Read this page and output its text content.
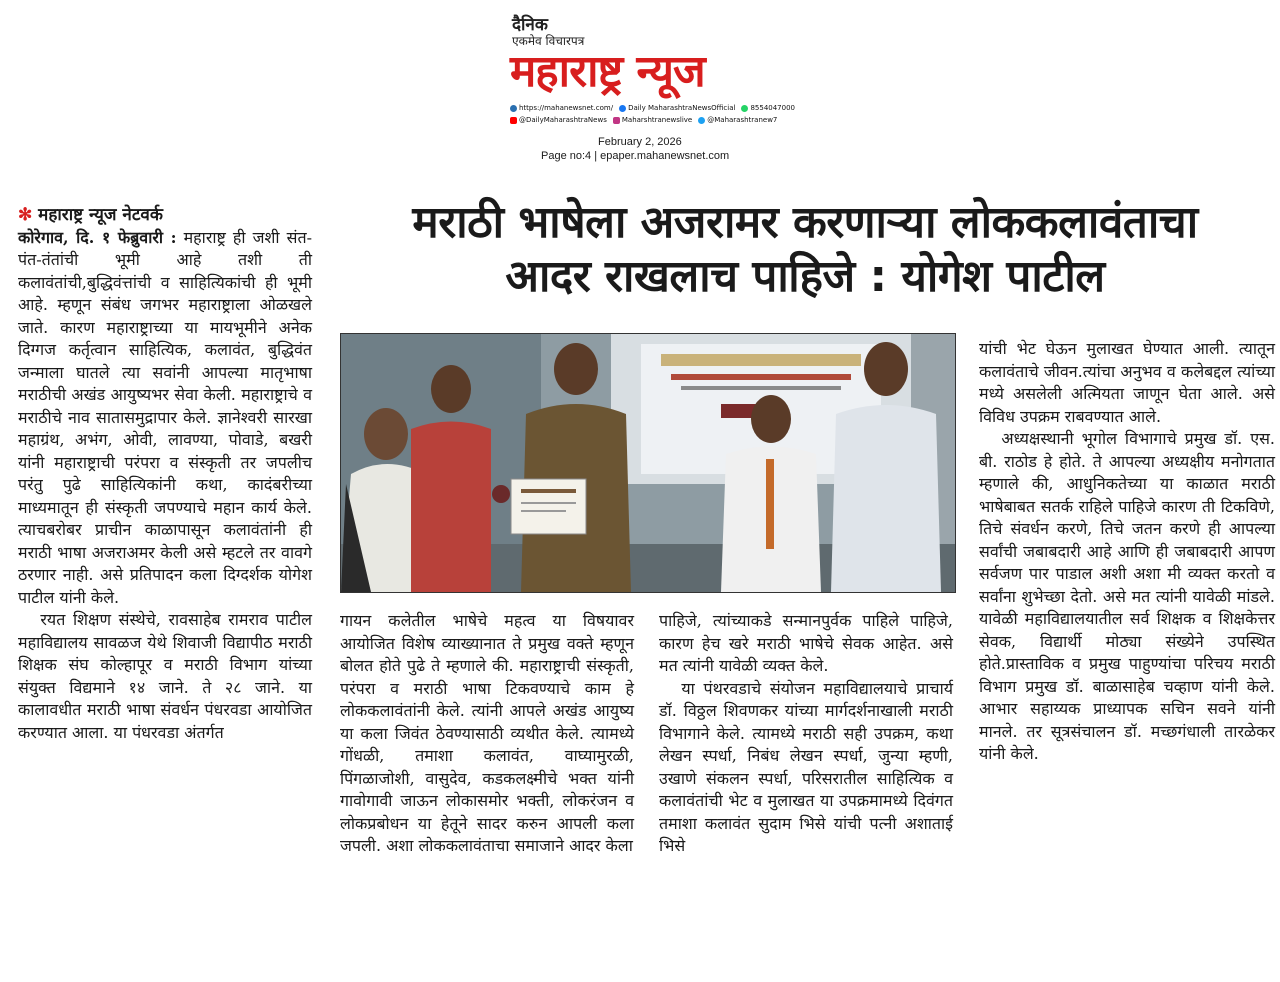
दैनिक
एकमेव विचारपत्र
महाराष्ट्र न्यूज
https://mahanewsnet.com/ Daily MaharashtraNewsOfficial 8554047000
@DailyMaharashtraNews Maharshtranewslive @Maharashtranew7
February 2, 2026
Page no:4 | epaper.mahanewsnet.com
मराठी भाषेला अजरामर करणाऱ्या लोककलावंताचा
आदर राखलाच पाहिजे : योगेश पाटील
✻ महाराष्ट्र न्यूज नेटवर्क

कोरेगाव, दि. १ फेब्रुवारी : महाराष्ट्र ही जशी संत-पंत-तंतांची भूमी आहे तशी ती कलावंतांची,बुद्धिवंत्तांची व साहित्यिकांची ही भूमी आहे. म्हणून संबंध जगभर महाराष्ट्राला ओळखले जाते. कारण महाराष्ट्राच्या या मायभूमीने अनेक दिग्गज कर्तृत्वान साहित्यिक, कलावंत, बुद्धिवंत जन्माला घातले त्या सवांनी आपल्या मातृभाषा मराठीची अखंड आयुष्यभर सेवा केली. महाराष्ट्राचे व मराठीचे नाव सातासमुद्रापार केले. ज्ञानेश्वरी सारखा महाग्रंथ, अभंग, ओवी, लावण्या, पोवाडे, बखरी यांनी महाराष्ट्राची परंपरा व संस्कृती तर जपलीच परंतु पुढे साहित्यिकांनी कथा, कादंबरीच्या माध्यमातून ही संस्कृती जपण्याचे महान कार्य केले. त्याचबरोबर प्राचीन काळापासून कलावंतांनी ही मराठी भाषा अजराअमर केली असे म्हटले तर वावगे ठरणार नाही. असे प्रतिपादन कला दिग्दर्शक योगेश पाटील यांनी केले.

रयत शिक्षण संस्थेचे, रावसाहेब रामराव पाटील महाविद्यालय सावळज येथे शिवाजी विद्यापीठ मराठी शिक्षक संघ कोल्हापूर व मराठी विभाग यांच्या संयुक्त विद्यमाने १४ जाने. ते २८ जाने. या कालावधीत मराठी भाषा संवर्धन पंधरवडा आयोजित करण्यात आला. या पंधरवडा अंतर्गत

गायन कलेतील भाषेचे महत्व या विषयावर आयोजित विशेष व्याख्यानात ते प्रमुख वक्ते म्हणून बोलत होते पुढे ते म्हणाले की. महाराष्ट्राची संस्कृती, परंपरा व मराठी भाषा टिकवण्याचे काम हे लोककलावंतांनी केले. त्यांनी आपले अखंड आयुष्य या कला जिवंत ठेवण्यासाठी व्यथीत केले. त्यामध्ये गोंधळी, तमाशा कलावंत, वाघ्यामुरळी, पिंगळाजोशी, वासुदेव, कडकलक्ष्मीचे भक्त यांनी गावोगावी जाऊन लोकासमोर भक्ती, लोकरंजन व लोकप्रबोधन या हेतूने सादर करुन आपली कला जपली. अशा लोककलावंताचा समाजाने आदर केला

पाहिजे, त्यांच्याकडे सन्मानपुर्वक पाहिले पाहिजे, कारण हेच खरे मराठी भाषेचे सेवक आहेत. असे मत त्यांनी यावेळी व्यक्त केले.

या पंथरवडाचे संयोजन महाविद्यालयाचे प्राचार्य डॉ. विठ्ठल शिवणकर यांच्या मार्गदर्शनाखाली मराठी विभागाने केले. त्यामध्ये मराठी सही उपक्रम, कथा लेखन स्पर्धा, निबंध लेखन स्पर्धा, जुन्या म्हणी, उखाणे संकलन स्पर्धा, परिसरातील साहित्यिक व कलावंतांची भेट व मुलाखत या उपक्रमामध्ये दिवंगत तमाशा कलावंत सुदाम भिसे यांची पत्नी अशाताई भिसे

यांची भेट घेऊन मुलाखत घेण्यात आली. त्यातून कलावंताचे जीवन.त्यांचा अनुभव व कलेबद्दल त्यांच्या मध्ये असलेली अत्मियता जाणून घेता आले. असे विविध उपक्रम राबवण्यात आले.

अध्यक्षस्थानी भूगोल विभागाचे प्रमुख डॉ. एस. बी. राठोड हे होते. ते आपल्या अध्यक्षीय मनोगतात म्हणाले की, आधुनिकतेच्या या काळात मराठी भाषेबाबत सतर्क राहिले पाहिजे कारण ती टिकविणे, तिचे संवर्धन करणे, तिचे जतन करणे ही आपल्या सर्वांची जबाबदारी आहे आणि ही जबाबदारी आपण सर्वजण पार पाडाल अशी अशा मी व्यक्त करतो व सर्वांना शुभेच्छा देतो. असे मत त्यांनी यावेळी मांडले. यावेळी महाविद्यालयातील सर्व शिक्षक व शिक्षकेत्तर सेवक, विद्यार्थी मोठ्या संख्येने उपस्थित होते.प्रास्ताविक व प्रमुख पाहुण्यांचा परिचय मराठी विभाग प्रमुख डॉ. बाळासाहेब चव्हाण यांनी केले. आभार सहाय्यक प्राध्यापक सचिन सवने यांनी मानले. तर सूत्रसंचालन डॉ. मच्छगंधाली तारळेकर यांनी केले.
